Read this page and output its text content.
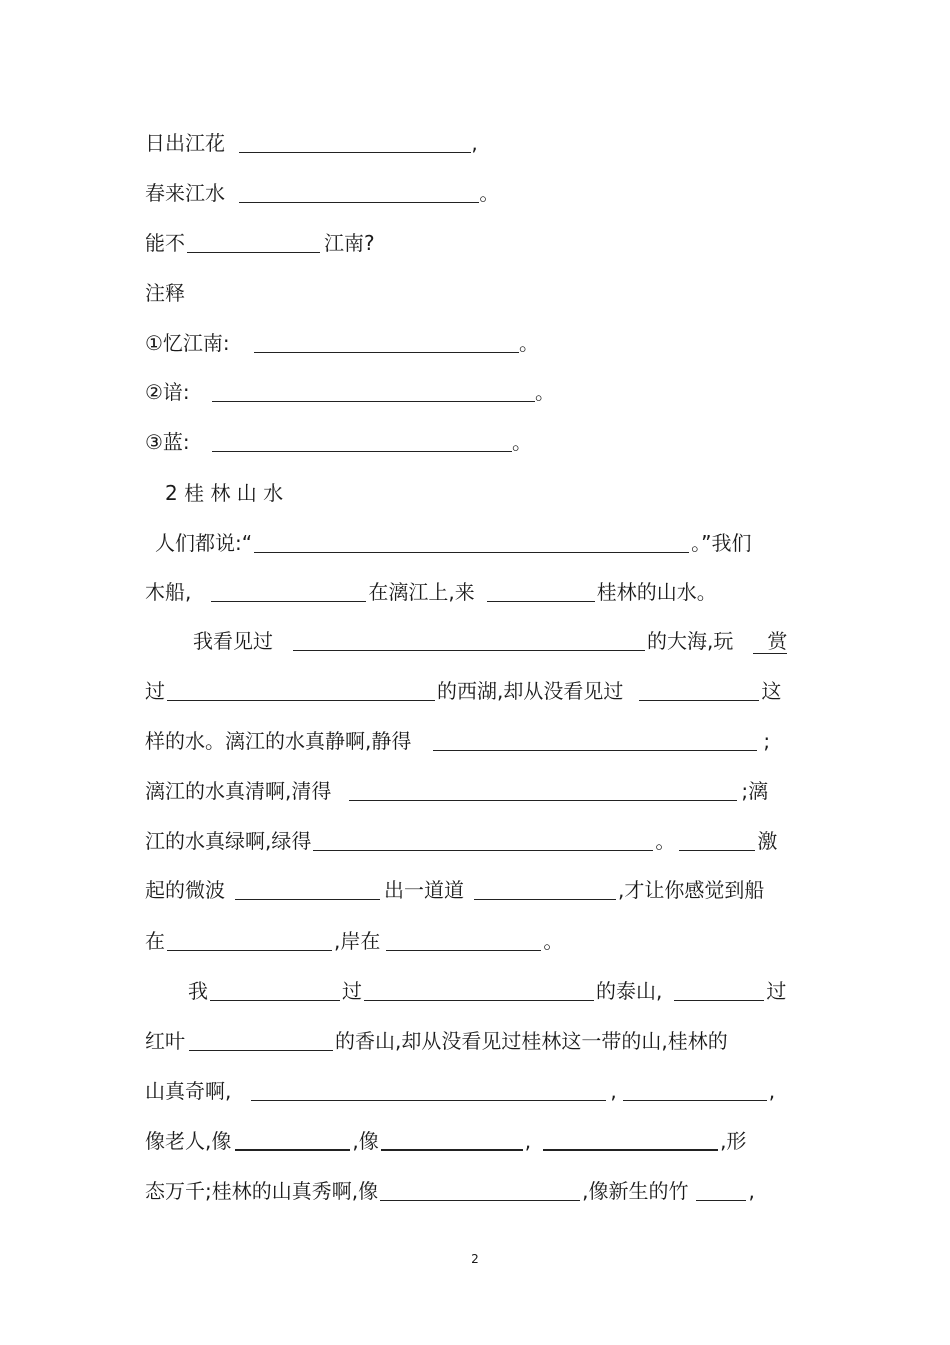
日出江花	,
春来江水	。
能不	江南?
注释
①忆江南:	。
②谙:	。
③蓝:	。
2 桂 林 山 水
人们都说:“	。”我们
木船,	在漓江上,来	桂林的山水。
我看见过	的大海,玩 赏
过	的西湖,却从没看见过	这
样的水。漓江的水真静啊,静得	;
漓江的水真清啊,清得	;漓
江的水真绿啊,绿得	。	激
起的微波	出一道道	,才让你感觉到船
在	,岸在	。
我	过	的泰山,	过
红叶	的香山,却从没看见过桂林这一带的山,桂林的
山真奇啊,	,	,
像老人,像	,像	,	,形
态万千;桂林的山真秀啊,像	,像新生的竹	,
2
